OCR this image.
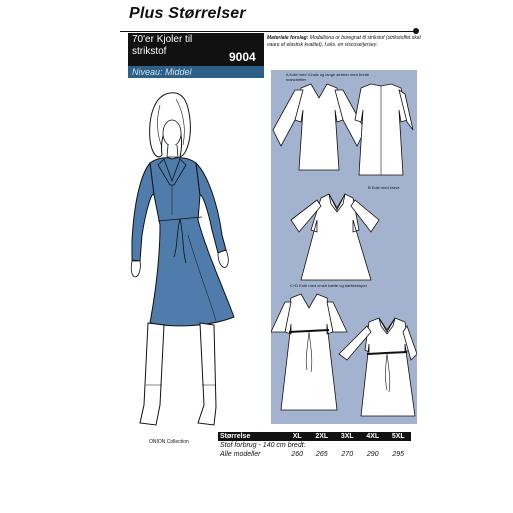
Plus Størrelser
70'er Kjoler til
strikstof	9004
Niveau: Middel
Materiale forslag: Modalliona or boregnat til strikstof (strikstoffet skal vaare af elastisk kvalitet), f.eks. en viscose/jersey.
A Kole med V-hals og lange aermer med brede manchetter
B Kole med krave
C+D Kole med vrush bælte og bælteslroper
ONION Collection
Størrelse	XL	2XL	3XL	4XL	5XL
Stof forbrug - 140 cm bredt:					
Alle modeller	260	265	270	290	295
